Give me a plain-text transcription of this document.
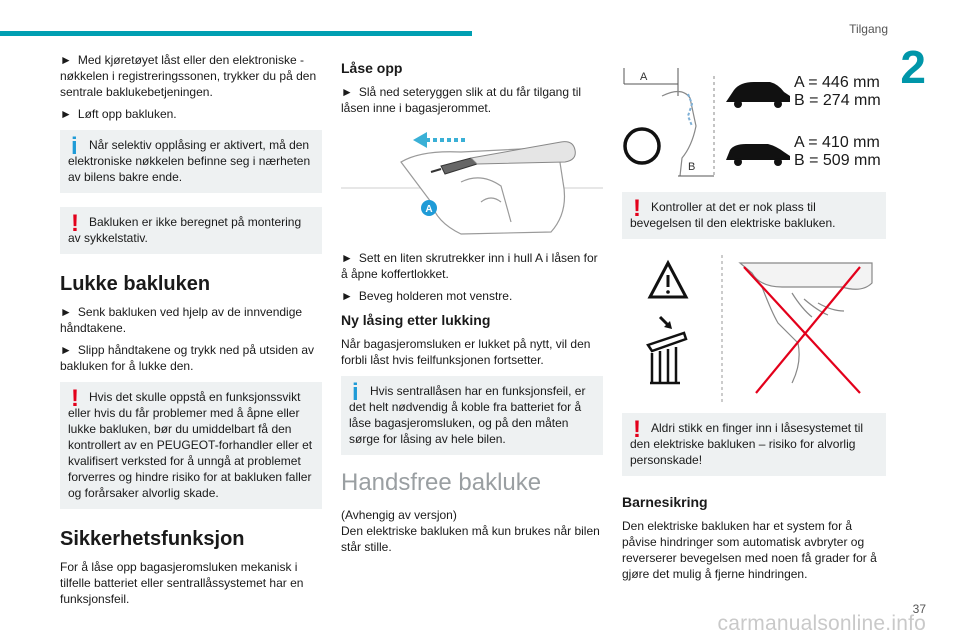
Tilgang
2

► Med kjøretøyet låst eller den elektroniske -nøkkelen i registreringssonen, trykker du på den sentrale baklukebetjeningen.

► Løft opp bakluken.

i Når selektiv opplåsing er aktivert, må den elektroniske nøkkelen befinne seg i nærheten av bilens bakre ende.
! Bakluken er ikke beregnet på montering av sykkelstativ.
Lukke bakluken

► Senk bakluken ved hjelp av de innvendige håndtakene.

► Slipp håndtakene og trykk ned på utsiden av bakluken for å lukke den.

! Hvis det skulle oppstå en funksjonssvikt eller hvis du får problemer med å åpne eller lukke bakluken, bør du umiddelbart få den kontrollert av en PEUGEOT-forhandler eller et kvalifisert verksted for å unngå at problemet forverres og hindre risiko for at bakluken faller og forårsaker alvorlig skade.
Sikkerhetsfunksjon

For å låse opp bagasjeromsluken mekanisk i tilfelle batteriet eller sentrallåssystemet har en funksjonsfeil.

Låse opp

► Slå ned seteryggen slik at du får tilgang til låsen inne i bagasjerommet.

A

► Sett en liten skrutrekker inn i hull A i låsen for å åpne koffertlokket.

► Beveg holderen mot venstre.

Ny låsing etter lukking

Når bagasjeromsluken er lukket på nytt, vil den forbli låst hvis feilfunksjonen fortsetter.

i Hvis sentrallåsen har en funksjonsfeil, er det helt nødvendig å koble fra batteriet for å låse bagasjeromsluken, og på den måten sørge for låsing av hele bilen.
Handsfree bakluke

(Avhengig av versjon)

Den elektriske bakluken må kun brukes når bilen står stille.

A
B
A = 446 mm
B = 274 mm
A = 410 mm
B = 509 mm
! Kontroller at det er nok plass til bevegelsen til den elektriske bakluken.
! Aldri stikk en finger inn i låsesystemet til den elektriske bakluken – risiko for alvorlig personskade!
Barnesikring

Den elektriske bakluken har et system for å påvise hindringer som automatisk avbryter og reverserer bevegelsen med noen få grader for å gjøre det mulig å fjerne hindringen.

carmanualsonline.info
37
